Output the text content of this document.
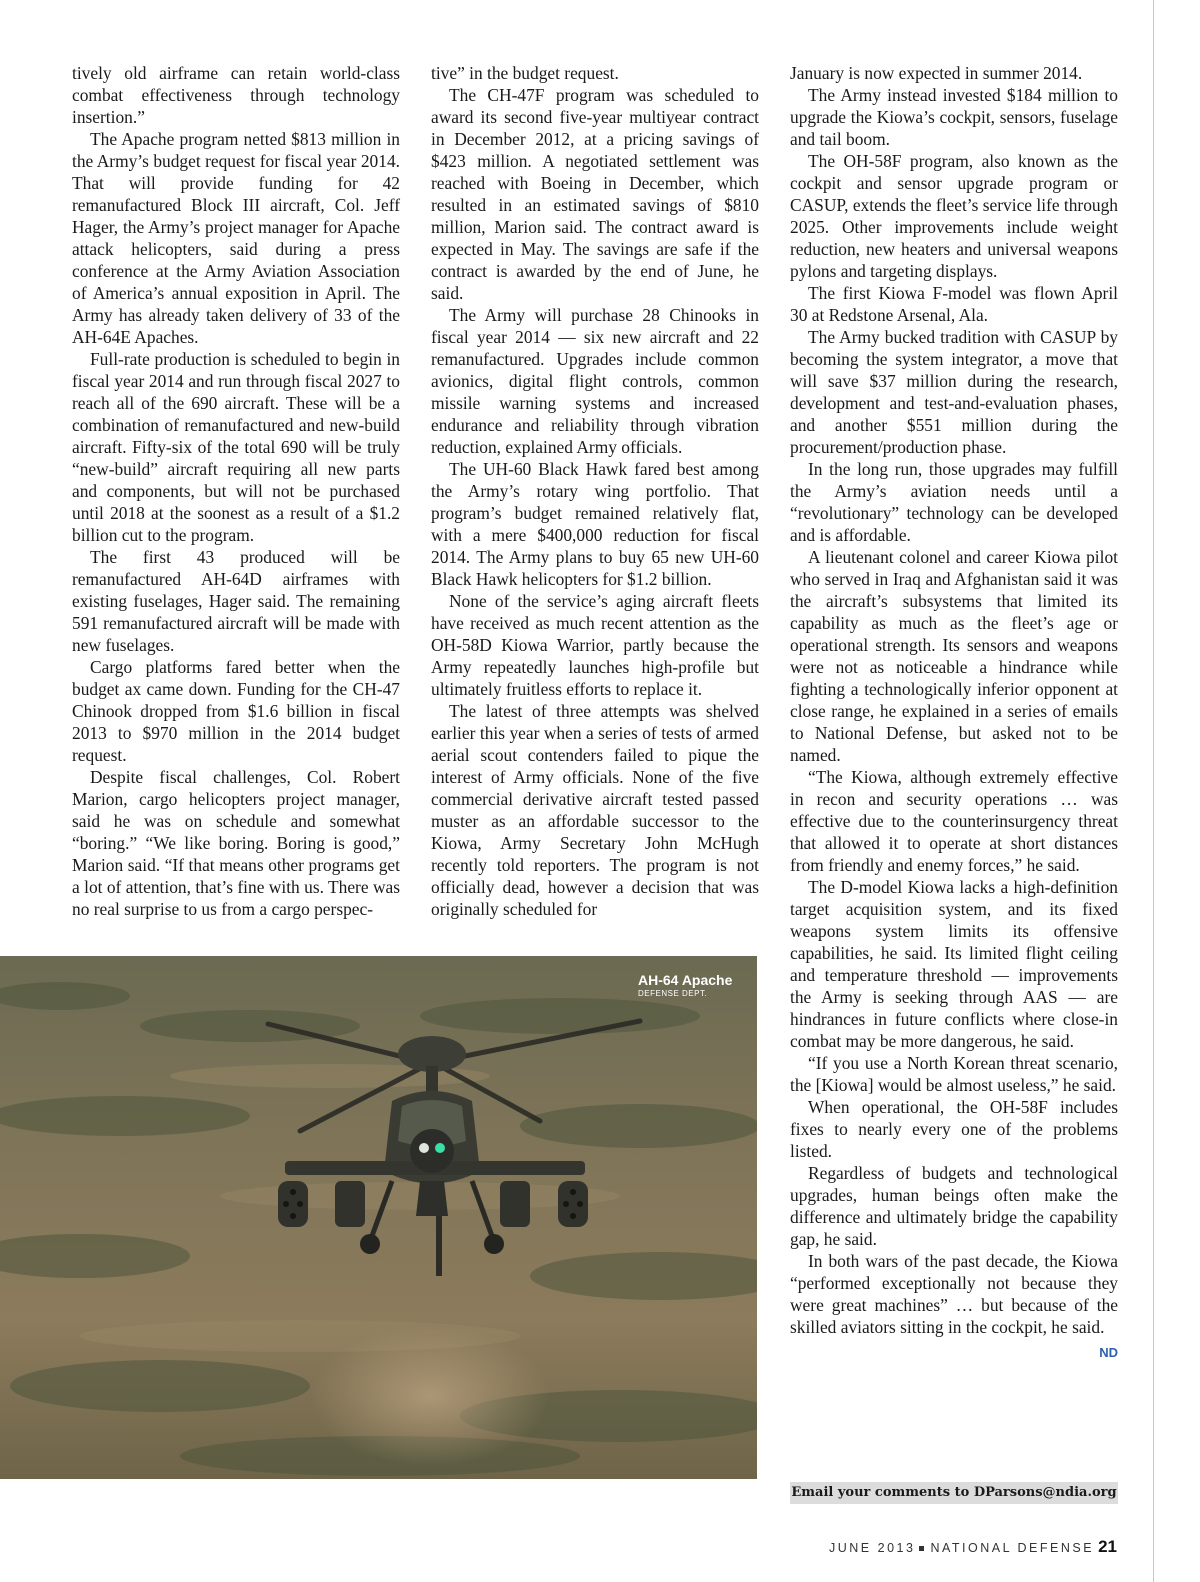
tively old airframe can retain world-class combat effectiveness through technology insertion.”

The Apache program netted $813 million in the Army’s budget request for fiscal year 2014. That will provide funding for 42 remanufactured Block III aircraft, Col. Jeff Hager, the Army’s project manager for Apache attack helicopters, said during a press conference at the Army Aviation Association of America’s annual exposition in April. The Army has already taken delivery of 33 of the AH-64E Apaches.

Full-rate production is scheduled to begin in fiscal year 2014 and run through fiscal 2027 to reach all of the 690 aircraft. These will be a combination of remanufactured and new-build aircraft. Fifty-six of the total 690 will be truly “new-build” aircraft requiring all new parts and components, but will not be purchased until 2018 at the soonest as a result of a $1.2 billion cut to the program.

The first 43 produced will be remanufactured AH-64D airframes with existing fuselages, Hager said. The remaining 591 remanufactured aircraft will be made with new fuselages.

Cargo platforms fared better when the budget ax came down. Funding for the CH-47 Chinook dropped from $1.6 billion in fiscal 2013 to $970 million in the 2014 budget request.

Despite fiscal challenges, Col. Robert Marion, cargo helicopters project manager, said he was on schedule and somewhat “boring.” “We like boring. Boring is good,” Marion said. “If that means other programs get a lot of attention, that’s fine with us. There was no real surprise to us from a cargo perspec-

tive” in the budget request.

The CH-47F program was scheduled to award its second five-year multiyear contract in December 2012, at a pricing savings of $423 million. A negotiated settlement was reached with Boeing in December, which resulted in an estimated savings of $810 million, Marion said. The contract award is expected in May. The savings are safe if the contract is awarded by the end of June, he said.

The Army will purchase 28 Chinooks in fiscal year 2014 — six new aircraft and 22 remanufactured. Upgrades include common avionics, digital flight controls, common missile warning systems and increased endurance and reliability through vibration reduction, explained Army officials.

The UH-60 Black Hawk fared best among the Army’s rotary wing portfolio. That program’s budget remained relatively flat, with a mere $400,000 reduction for fiscal 2014. The Army plans to buy 65 new UH-60 Black Hawk helicopters for $1.2 billion.

None of the service’s aging aircraft fleets have received as much recent attention as the OH-58D Kiowa Warrior, partly because the Army repeatedly launches high-profile but ultimately fruitless efforts to replace it.

The latest of three attempts was shelved earlier this year when a series of tests of armed aerial scout contenders failed to pique the interest of Army officials. None of the five commercial derivative aircraft tested passed muster as an affordable successor to the Kiowa, Army Secretary John McHugh recently told reporters. The program is not officially dead, however a decision that was originally scheduled for

January is now expected in summer 2014.

The Army instead invested $184 million to upgrade the Kiowa’s cockpit, sensors, fuselage and tail boom.

The OH-58F program, also known as the cockpit and sensor upgrade program or CASUP, extends the fleet’s service life through 2025. Other improvements include weight reduction, new heaters and universal weapons pylons and targeting displays.

The first Kiowa F-model was flown April 30 at Redstone Arsenal, Ala.

The Army bucked tradition with CASUP by becoming the system integrator, a move that will save $37 million during the research, development and test-and-evaluation phases, and another $551 million during the procurement/production phase.

In the long run, those upgrades may fulfill the Army’s aviation needs until a “revolutionary” technology can be developed and is affordable.

A lieutenant colonel and career Kiowa pilot who served in Iraq and Afghanistan said it was the aircraft’s subsystems that limited its capability as much as the fleet’s age or operational strength. Its sensors and weapons were not as noticeable a hindrance while fighting a technologically inferior opponent at close range, he explained in a series of emails to National Defense, but asked not to be named.

“The Kiowa, although extremely effective in recon and security operations … was effective due to the counterinsurgency threat that allowed it to operate at short distances from friendly and enemy forces,” he said.

The D-model Kiowa lacks a high-definition target acquisition system, and its fixed weapons system limits its offensive capabilities, he said. Its limited flight ceiling and temperature threshold — improvements the Army is seeking through AAS — are hindrances in future conflicts where close-in combat may be more dangerous, he said.

“If you use a North Korean threat scenario, the [Kiowa] would be almost useless,” he said.

When operational, the OH-58F includes fixes to nearly every one of the problems listed.

Regardless of budgets and technological upgrades, human beings often make the difference and ultimately bridge the capability gap, he said.

In both wars of the past decade, the Kiowa “performed exceptionally not because they were great machines” … but because of the skilled aviators sitting in the cockpit, he said.
ND

AH-64 Apache
DEFENSE DEPT.
Email your comments to DParsons@ndia.org
JUNE 2013 NATIONAL DEFENSE 21
